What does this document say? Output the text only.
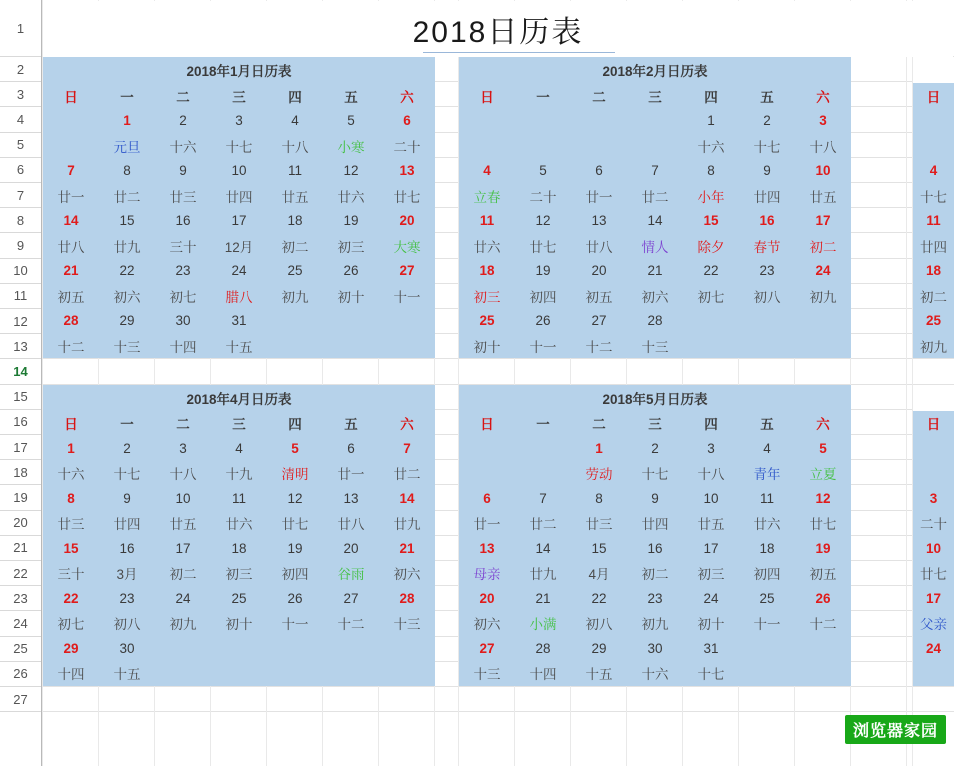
1
2
3
4
5
6
7
8
9
10
11
12
13
14
15
16
17
18
19
20
21
22
23
24
25
26
27
2018日历表
2018年1月日历表
日	一	二	三	四	五	六
	1	2	3	4	5	6
	元旦	十六	十七	十八	小寒	二十
7	8	9	10	11	12	13
廿一	廿二	廿三	廿四	廿五	廿六	廿七
14	15	16	17	18	19	20
廿八	廿九	三十	12月	初二	初三	大寒
21	22	23	24	25	26	27
初五	初六	初七	腊八	初九	初十	十一
28	29	30	31			
十二	十三	十四	十五			
2018年2月日历表
日	一	二	三	四	五	六
				1	2	3
				十六	十七	十八
4	5	6	7	8	9	10
立春	二十	廿一	廿二	小年	廿四	廿五
11	12	13	14	15	16	17
廿六	廿七	廿八	情人	除夕	春节	初二
18	19	20	21	22	23	24
初三	初四	初五	初六	初七	初八	初九
25	26	27	28			
初十	十一	十二	十三			
2018年4月日历表
日	一	二	三	四	五	六
1	2	3	4	5	6	7
十六	十七	十八	十九	清明	廿一	廿二
8	9	10	11	12	13	14
廿三	廿四	廿五	廿六	廿七	廿八	廿九
15	16	17	18	19	20	21
三十	3月	初二	初三	初四	谷雨	初六
22	23	24	25	26	27	28
初七	初八	初九	初十	十一	十二	十三
29	30					
十四	十五					
2018年5月日历表
日	一	二	三	四	五	六
		1	2	3	4	5
		劳动	十七	十八	青年	立夏
6	7	8	9	10	11	12
廿一	廿二	廿三	廿四	廿五	廿六	廿七
13	14	15	16	17	18	19
母亲	廿九	4月	初二	初三	初四	初五
20	21	22	23	24	25	26
初六	小满	初八	初九	初十	十一	十二
27	28	29	30	31		
十三	十四	十五	十六	十七		
日

4
十七
11
廿四
18
初二
25
初九
日

3
二十
10
廿七
17
父亲
24

浏览器家园
